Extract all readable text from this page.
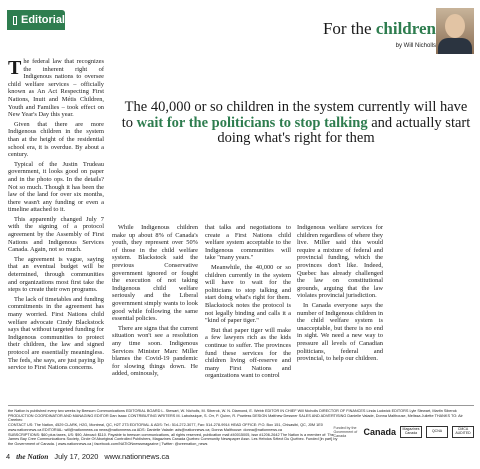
Editorial	For the children
by Will Nicholls

The federal law that recognizes the inherent right of Indigenous nations to oversee child welfare services – officially known as An Act Respecting First Nations, Inuit and Métis Children, Youth and Families – took effect on New Year's Day this year.

Given that there are more Indigenous children in the system than at the height of the residential school era, it is overdue. By about a century.

Typical of the Justin Trudeau government, it looks good on paper and in the photo ops. In the details? Not so much. Though it has been the law of the land for over six months, there wasn't any funding or even a timeline attached to it.

This apparently changed July 7 with the signing of a protocol agreement by the Assembly of First Nations and Indigenous Services Canada. Again, not so much.

The agreement is vague, saying that an eventual budget will be determined, through communities and organizations most first take the steps to create their own programs.

The lack of timetables and funding commitments in the agreement has many worried. First Nations child welfare advocate Cindy Blackstock says that without targeted funding for Indigenous communities to protect their children, the law and signed protocol are essentially meaningless. The feds, she says, are just paying lip service to First Nations concerns.

The 40,000 or so children in the system currently will have to wait for the politicians to stop talking and actually start doing what's right for them

While Indigenous children make up about 8% of Canada's youth, they represent over 50% of those in the child welfare system. Blackstock said the previous Conservative government ignored or fought the execution of not taking Indigenous child welfare seriously and the Liberal government simply wants to look good while following the same essential policies.

There are signs that the current situation won't see a resolution any time soon. Indigenous Services Minister Marc Miller blames the Covid-19 pandemic for slowing things down. He added, ominously,

that talks and negotiations to create a First Nations child welfare system acceptable to the Indigenous communities will take "many years."

Meanwhile, the 40,000 or so children currently in the system will have to wait for the politicians to stop talking and start doing what's right for them. Blackstock notes the protocol is not legally binding and calls it a "kind of paper tiger."

But that paper tiger will make a few lawyers rich as the kids continue to suffer. The provinces fund these services for the children living off-reserve and many First Nations and organizations want to control

Indigenous welfare services for children regardless of where they live. Miller said this would require a mixture of federal and provincial funding, which the provinces don't like. Indeed, Quebec has already challenged the law on constitutional grounds, arguing that the law violates provincial jurisdiction.

In Canada everyone says the number of Indigenous children in the child welfare system is unacceptable, but there is no end in sight. We need a new way to pressure all levels of Canadian politicians, federal and provincial, to help our children.

the Nation is published every two weeks by Beesum Communications EDITORIAL BOARD L. Stewart, W. Nicholls, M. Siberok, W. N. Diamond, E. Webb EDITOR IN CHIEF Will Nicholls DIRECTOR OF FINANCES Linda Ludwick EDITORS Lyle Stewart, Martin Siberok PRODUCTION COORDINATOR AND MANAGING EDITOR Dan Isaac CONTRIBUTING WRITERS M. Laboissique, S. Orr, P. Quinn, R. Powless DESIGN Matthew Dessner SALES AND ADVERTISING Danielle Valade, Donna Malthouse, Melissa Juliette THANKS TO: Air Creebec

CONTACT US: The Nation, 4529 CLARK, H2G, Montreal, QC, H2T 2T3 EDITORIAL & ADS: Tel.: 514-272-3077, Fax: 514-278-9914 HEAD OFFICE: P.O. Box 151, Chisasibi, QC, J0M 1E0 www.nationnews.ca EDITORIAL: will@nationnews.ca news@nationnews.ca ADS: Danielle Valade: ads@nationnews.ca; Donna Malthouse: donna@nationnews.ca

SUBSCRIPTIONS: $60 plus taxes, US: $90, Abroad: $110. Payable to beesum communications, all rights reserved, publication mail #40015005, issn #1206-2642 The Nation is a member of: The James Bay Cree Communications Society, Circle Of Aboriginal Controlled Publishers, Magazines Canada Quebec Community Newspaper Assn. Les Hebdos Sélect Du Québec. Funded [in part] by the Government of Canada. | www.nationnews.ca | facebook.com/NATIONnewsmagazine | Twitter: @creenation_news

Funded by the Government of Canada	Canada	Magazines Canada	QCNA	CMCA AUDITED
4 the Nation July 17, 2020 www.nationnews.ca
